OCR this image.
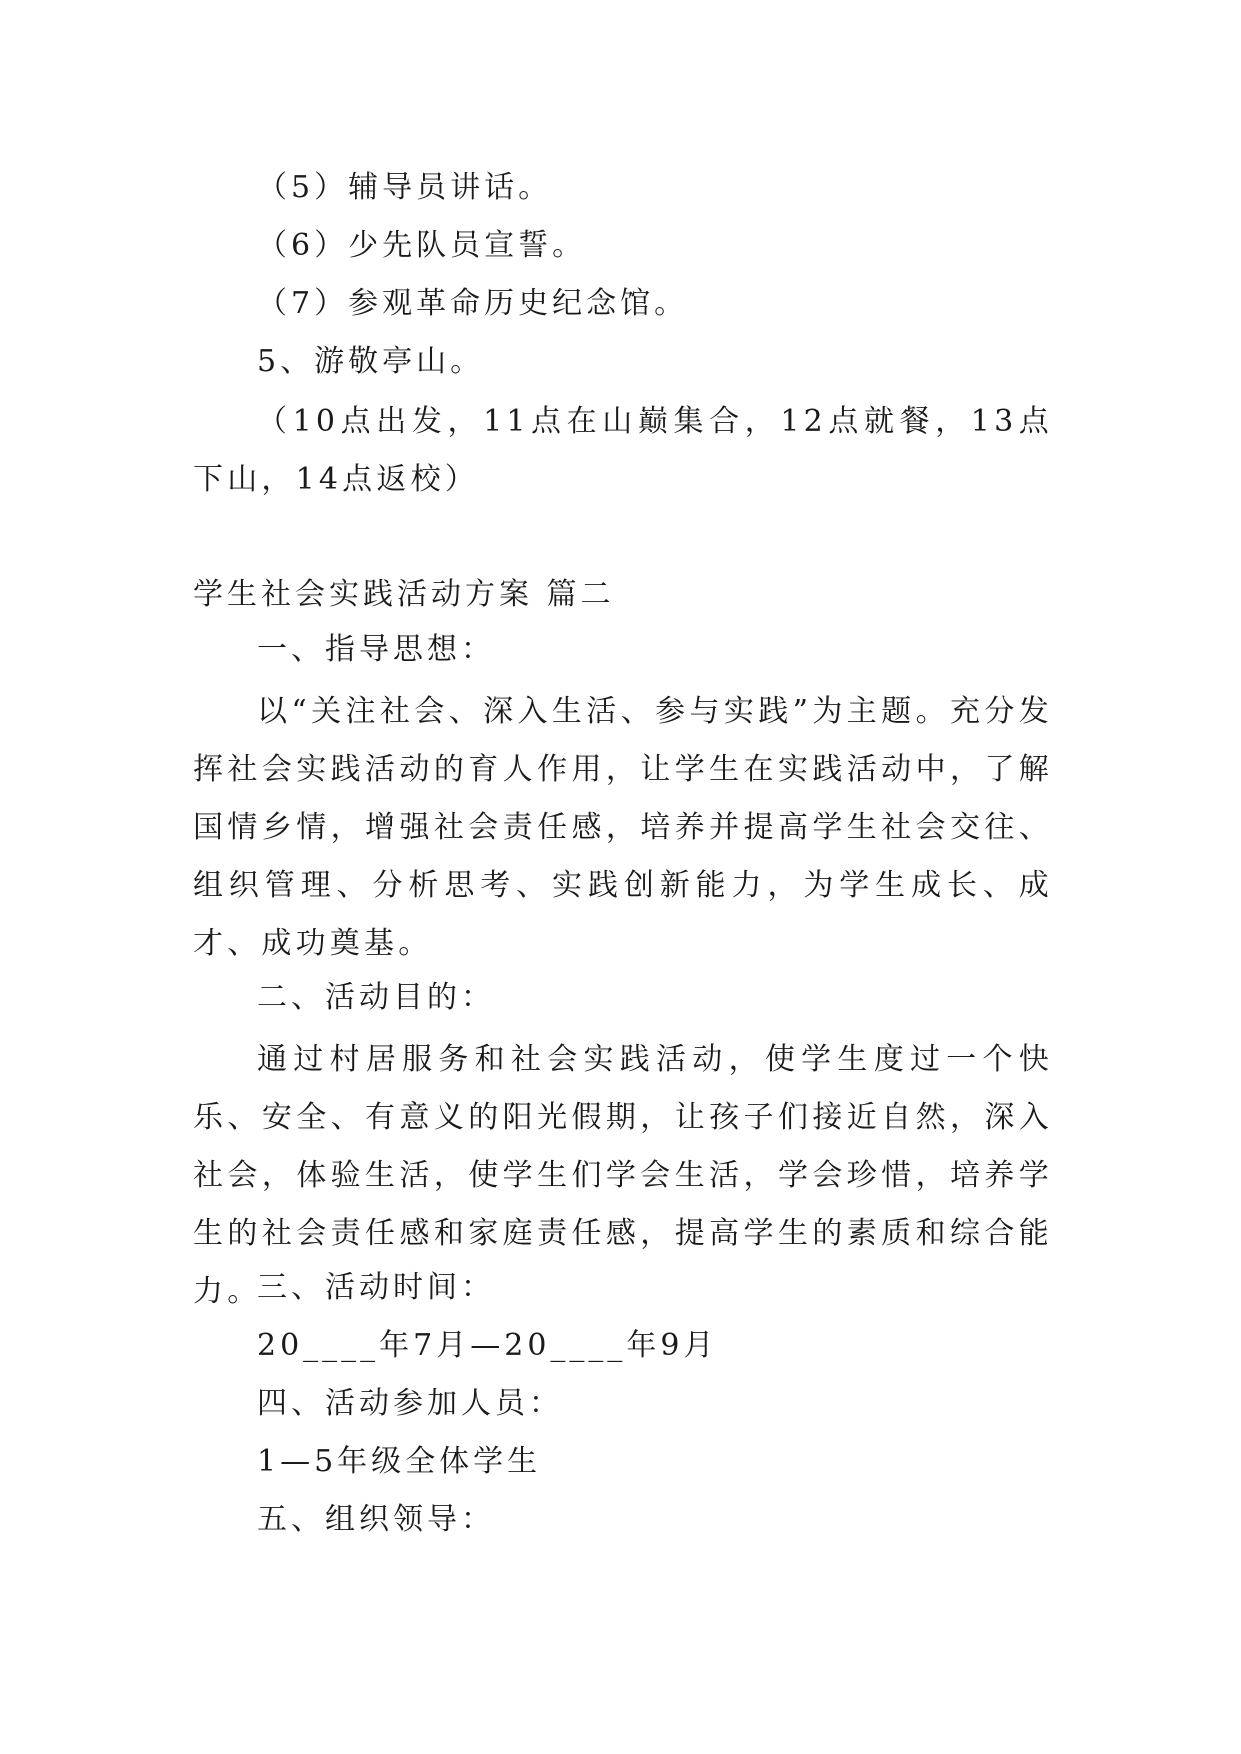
（5）辅导员讲话。
（6）少先队员宣誓。
（7）参观革命历史纪念馆。
5、游敬亭山。

（10点出发，11点在山巅集合，12点就餐，13点下山，14点返校）

学生社会实践活动方案 篇二
一、指导思想：

以“关注社会、深入生活、参与实践”为主题。充分发挥社会实践活动的育人作用，让学生在实践活动中，了解国情乡情，增强社会责任感，培养并提高学生社会交往、组织管理、分析思考、实践创新能力，为学生成长、成才、成功奠基。

二、活动目的：

通过村居服务和社会实践活动，使学生度过一个快乐、安全、有意义的阳光假期，让孩子们接近自然，深入社会，体验生活，使学生们学会生活，学会珍惜，培养学生的社会责任感和家庭责任感，提高学生的素质和综合能力。

三、活动时间：
20____年7月—20____年9月
四、活动参加人员：
1—5年级全体学生
五、组织领导：
